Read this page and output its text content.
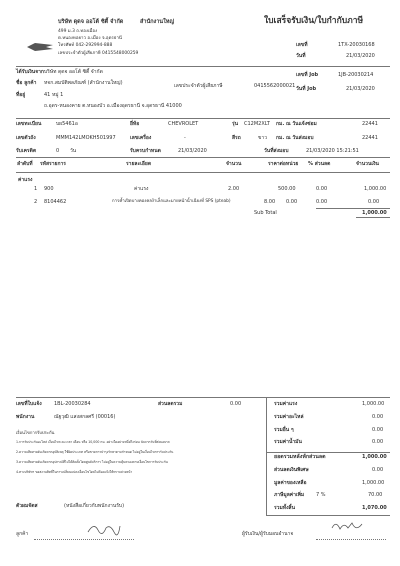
บริษัท ดุดจ ออโต้ ซิตี้ จำกัด	สำนักงานใหญ่
499 ม.3 ถ.ทองเมือง
ต.หนองหอยาว อ.เมือง จ.อุดรธานี
โทรศัพท์ 042-292994-888
เลขประจำตัวผู้เสียภาษี 0415548000259
ใบเสร็จรับเงิน/ใบกำกับภาษี
เลขที่	1TX-20030168
วันที่	21/03/2020
ได้รับเงินจาก บริษัท ดุดจ ออโต้ ซิตี้ จำกัด
ชื่อ ลูกค้า หจก.สมบัติพลภัณฑ์ (สำนักงานใหญ่)	เลขประจำตัวผู้เสียภาษี	0415562000021
ที่อยู่	41 หมู่ 1
ถ.อุดร-หนองคาย ต.หนองบัว อ.เมืองอุดรธานี จ.อุดรธานี 41000
เลขที่ Job	1JB-20030214
วันที่ Job	21/03/2020
เลขทะเบียน	บผ5461อ	ยี่ห้อ	CHEVROLET	รุ่น C12M2XLT กม. ณ วันแจ้งซ่อม	22441
เลขตัวถัง	MMM142LMOKH501997	เลขเครื่อง	-	สีรถ	ขาว กม. ณ วันส่งมอบ	22441
รับเครดิต	0 วัน	รับครบกำหนด	21/03/2020	วันที่ส่งมอบ	21/03/2020 15:21:51
ลำดับที่ รหัสรายการ	รายละเอียด	จำนวน	ราคาต่อหน่วย % ส่วนลด	จำนวนเงิน
ค่าแรง
1 900	ค่าแรง	2.00	500.00	0.00	1,000.00
2 8104462	การค้ำเปิดบางคองคลง้าเล็กและมายหน้าน้ำเฉียงที่ SPS (pteab)	8.00 0.00	0.00	0.00
Sub Total	1,000.00
เลขที่ใบแจ้ง 1BL-20030284	ส่วนลดรวม	0.00
พนักงาน	ณัฐวุฒิ แสงสกลศรี (00016)
เงื่อนไขการรับประกัน
1.การรับประกันอะไหล่ เงื่อนไขระยะเวลา เดือน หรือ 10,000 กม. อย่างใดอย่างหนึ่งถึงก่อน นับจากวันที่ส่งมอบรถ
2.ความเสียหายอันเกิดจากอุบัติเหตุ ใช้ผิดประเภท หรือขาดการบำรุงรักษาตามกำหนด ไม่อยู่ในเงื่อนไขการรับประกัน
3.ความเสียหายอันเกิดจากอุปกรณ์ที่ไม่ได้ติดตั้งโดยศูนย์บริการ ไม่อยู่ในความคุ้มครองตามเงื่อนไขการรับประกัน
4.ทางบริษัทฯ ขอสงวนสิทธิ์ในการเปลี่ยนแปลงเงื่อนไขโดยไม่ต้องแจ้งให้ทราบล่วงหน้า
รวมค่าแรง	1,000.00
รวมค่าอะไหล่	0.00
รวมอื่น ๆ	0.00
รวมค่าน้ำมัน	0.00
ยอดรวมหลังหักส่วนลด	1,000.00
ส่วนลดเงินพิเศษ	0.00
มูลค่าของเหลือ	1,000.00
ภาษีมูลค่าเพิ่ม 7 %	70.00
รวมทั้งสิ้น	1,070.00
ตัวผมจัดส	(หนังสือเกี่ยวกับพนักงานรับ)
ลูกค้า	ผู้รับเงิน/ผู้รับมอบอำนาจ
